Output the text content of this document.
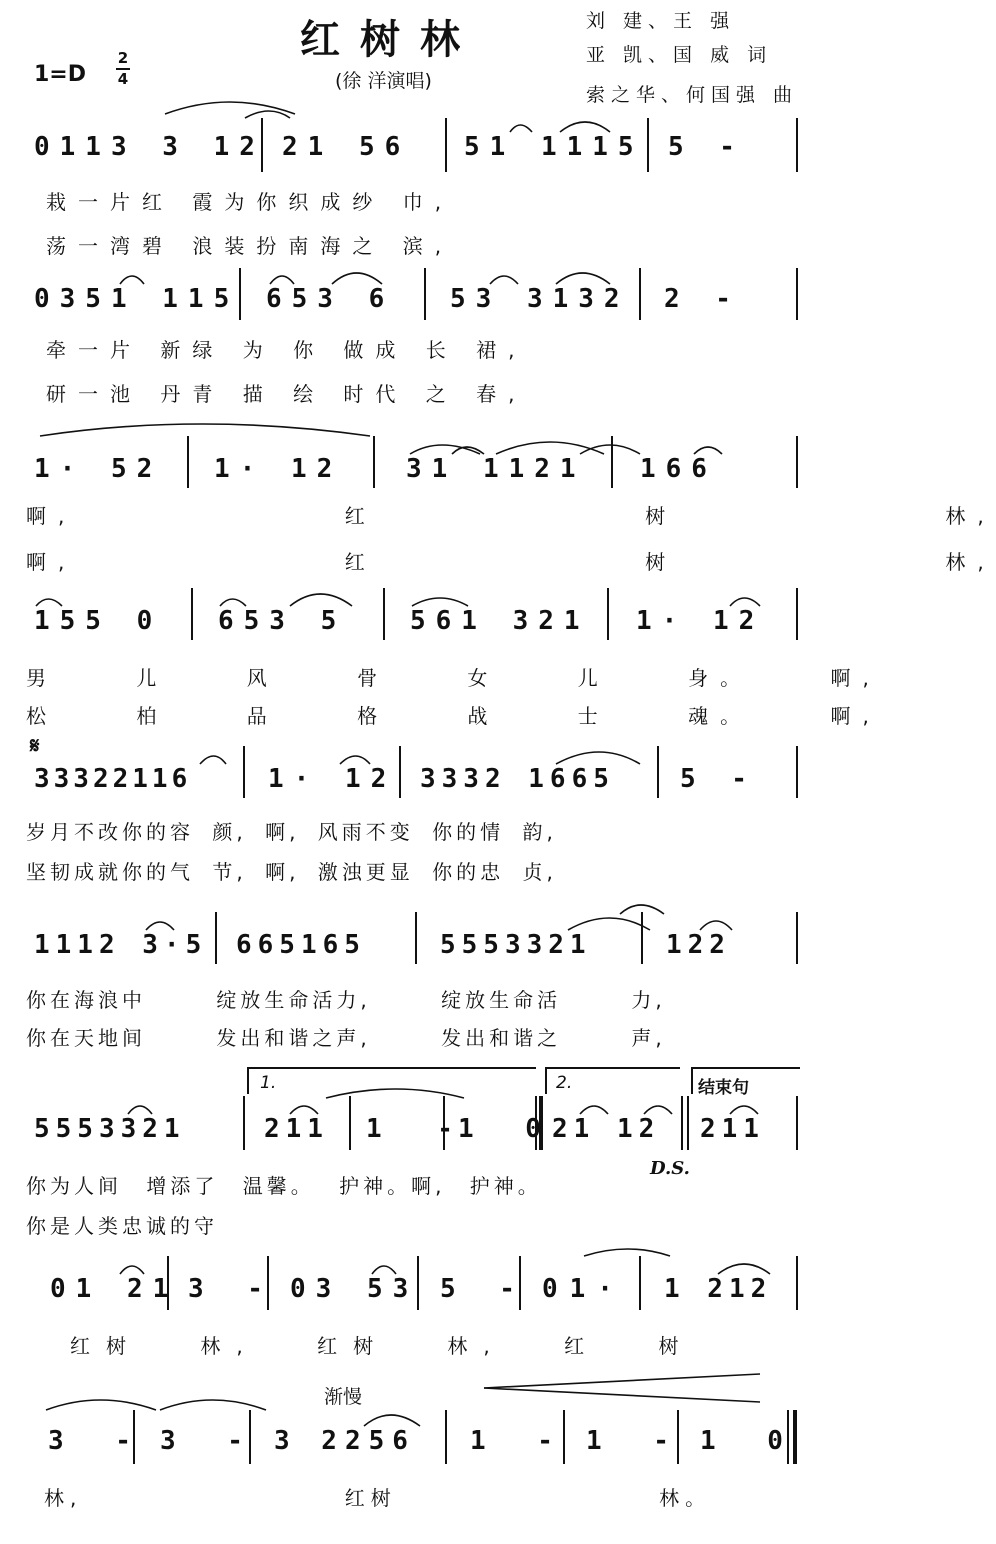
红树林
1=D
2
4	(徐 洋演唱)
刘 建、王 强
亚 凯、国 威 词
索之华、何国强 曲
0113 3 12 21 56 51 1115 5 -
栽一片红 霞为你织成纱 巾,
荡一湾碧 浪装扮南海之 滨,
0351 115 653 6 53 3132 2 -
牵一片 新绿 为 你 做成 长 裙,
研一池 丹青 描 绘 时代 之 春,
1· 52 1· 12 31 1121 166
啊, 红 树 林,
啊, 红 树 林,
155 0 653 5 561 321 1· 12
男 儿 风 骨 女 儿 身。 啊,
松 柏 品 格 战 士 魂。 啊,
𝄋
33322116	1· 12 3332 1665	5 -
岁月不改你的容 颜, 啊, 风雨不变 你的情 韵,
坚韧成就你的气 节, 啊, 激浊更显 你的忠 贞,
1112 3·5 665165	5553321	122
你在海浪中 绽放生命活力, 绽放生命活 力,
你在天地间 发出和谐之声, 发出和谐之 声,
1.	2.	结束句
5553321	211 1 -
1 0
21 12 211
D.S.
你为人间 增添了 温馨。 护神。啊, 护神。
你是人类忠诚的守
01 21 3 - 03 53 5 - 01· 1 212
红树 林, 红树 林, 红 树
渐慢
3 - 3 - 3 2256 1 - 1 - 1 0
林, 红树 林。
